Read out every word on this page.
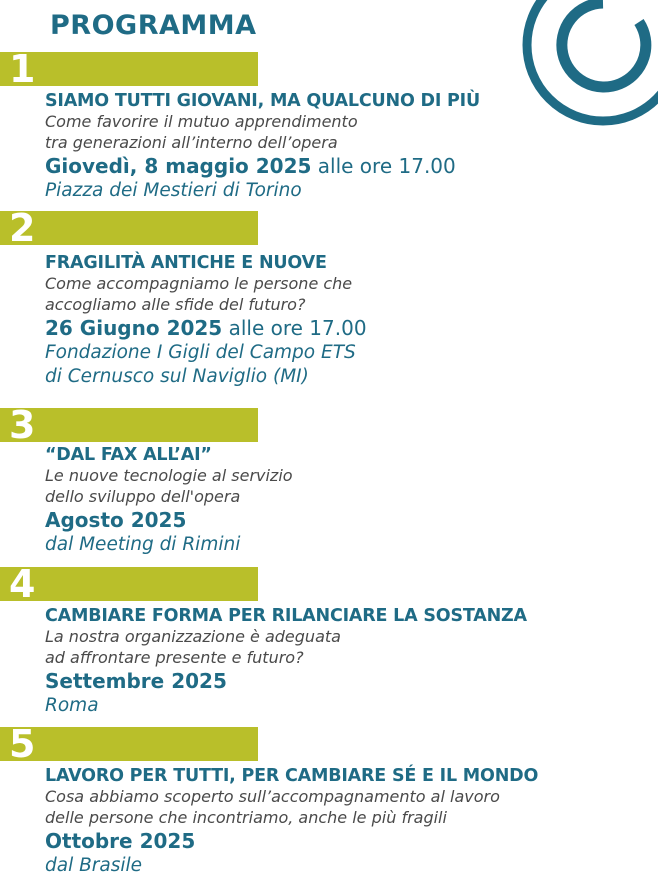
PROGRAMMA
1
SIAMO TUTTI GIOVANI, MA QUALCUNO DI PIÙ
Come favorire il mutuo apprendimento
tra generazioni all’interno dell’opera
Giovedì, 8 maggio 2025 alle ore 17.00
Piazza dei Mestieri di Torino
2
FRAGILITÀ ANTICHE E NUOVE
Come accompagniamo le persone che
accogliamo alle sfide del futuro?
26 Giugno 2025 alle ore 17.00
Fondazione I Gigli del Campo ETS
di Cernusco sul Naviglio (MI)
3
“DAL FAX ALL’AI”
Le nuove tecnologie al servizio
dello sviluppo dell'opera
Agosto 2025
dal Meeting di Rimini
4
CAMBIARE FORMA PER RILANCIARE LA SOSTANZA
La nostra organizzazione è adeguata
ad affrontare presente e futuro?
Settembre 2025
Roma
5
LAVORO PER TUTTI, PER CAMBIARE SÉ E IL MONDO
Cosa abbiamo scoperto sull’accompagnamento al lavoro
delle persone che incontriamo, anche le più fragili
Ottobre 2025
dal Brasile
